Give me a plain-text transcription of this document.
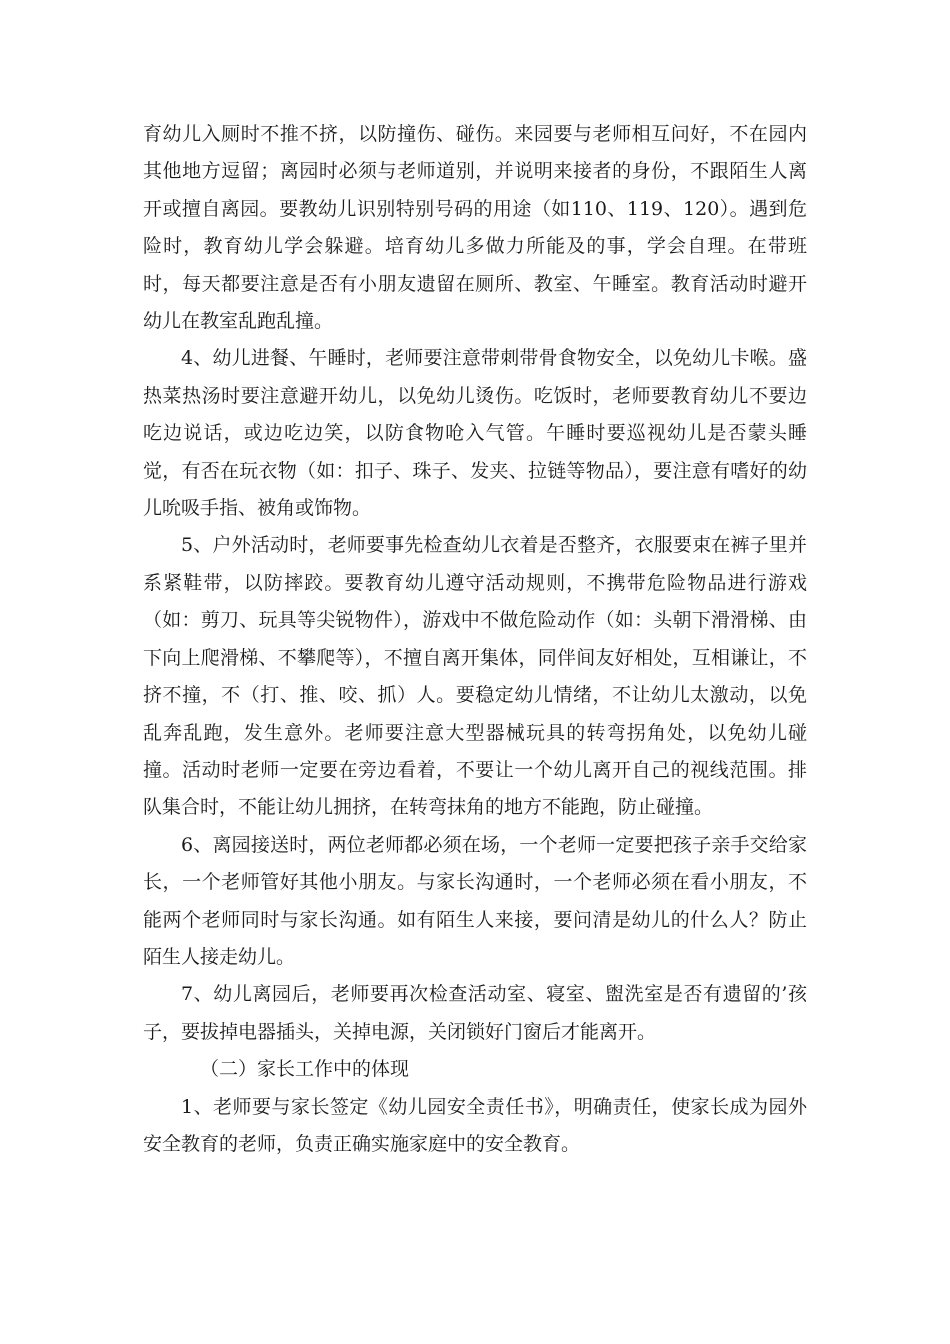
育幼儿入厕时不推不挤，以防撞伤、碰伤。来园要与老师相互问好，不在园内其他地方逗留；离园时必须与老师道别，并说明来接者的身份，不跟陌生人离开或擅自离园。要教幼儿识别特别号码的用途（如110、119、120）。遇到危险时，教育幼儿学会躲避。培育幼儿多做力所能及的事，学会自理。在带班时，每天都要注意是否有小朋友遗留在厕所、教室、午睡室。教育活动时避开幼儿在教室乱跑乱撞。

4、幼儿进餐、午睡时，老师要注意带刺带骨食物安全，以免幼儿卡喉。盛热菜热汤时要注意避开幼儿，以免幼儿烫伤。吃饭时，老师要教育幼儿不要边吃边说话，或边吃边笑，以防食物呛入气管。午睡时要巡视幼儿是否蒙头睡觉，有否在玩衣物（如：扣子、珠子、发夹、拉链等物品），要注意有嗜好的幼儿吮吸手指、被角或饰物。

5、户外活动时，老师要事先检查幼儿衣着是否整齐，衣服要束在裤子里并系紧鞋带，以防摔跤。要教育幼儿遵守活动规则，不携带危险物品进行游戏（如：剪刀、玩具等尖锐物件），游戏中不做危险动作（如：头朝下滑滑梯、由下向上爬滑梯、不攀爬等），不擅自离开集体，同伴间友好相处，互相谦让，不挤不撞，不（打、推、咬、抓）人。要稳定幼儿情绪，不让幼儿太激动，以免乱奔乱跑，发生意外。老师要注意大型器械玩具的转弯拐角处，以免幼儿碰撞。活动时老师一定要在旁边看着，不要让一个幼儿离开自己的视线范围。排队集合时，不能让幼儿拥挤，在转弯抹角的地方不能跑，防止碰撞。

6、离园接送时，两位老师都必须在场，一个老师一定要把孩子亲手交给家长，一个老师管好其他小朋友。与家长沟通时，一个老师必须在看小朋友，不能两个老师同时与家长沟通。如有陌生人来接，要问清是幼儿的什么人？防止陌生人接走幼儿。

7、幼儿离园后，老师要再次检查活动室、寝室、盥洗室是否有遗留的’孩子，要拔掉电器插头，关掉电源，关闭锁好门窗后才能离开。

（二）家长工作中的体现

1、老师要与家长签定《幼儿园安全责任书》，明确责任，使家长成为园外安全教育的老师，负责正确实施家庭中的安全教育。
